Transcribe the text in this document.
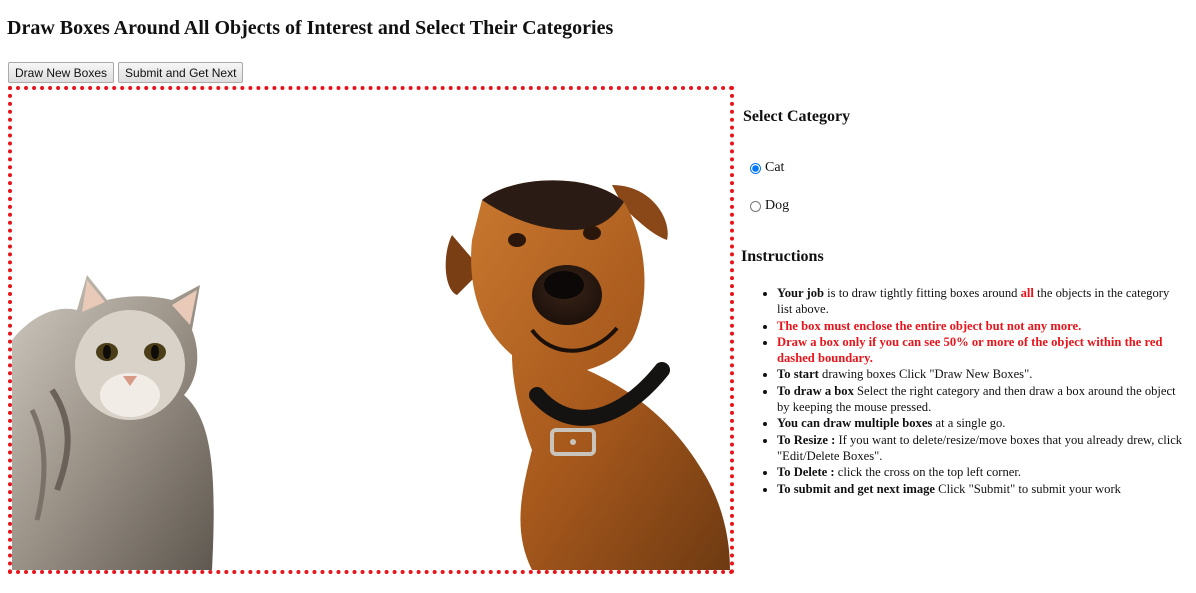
Draw Boxes Around All Objects of Interest and Select Their Categories
Draw New Boxes	Submit and Get Next
Select Category
Cat
Dog
Instructions
• Your job is to draw tightly fitting boxes around all the objects in the category list above.
• The box must enclose the entire object but not any more.
• Draw a box only if you can see 50% or more of the object within the red dashed boundary.
• To start drawing boxes Click "Draw New Boxes".
• To draw a box Select the right category and then draw a box around the object by keeping the mouse pressed.
• You can draw multiple boxes at a single go.
• To Resize : If you want to delete/resize/move boxes that you already drew, click "Edit/Delete Boxes".
• To Delete : click the cross on the top left corner.
• To submit and get next image Click "Submit" to submit your work
